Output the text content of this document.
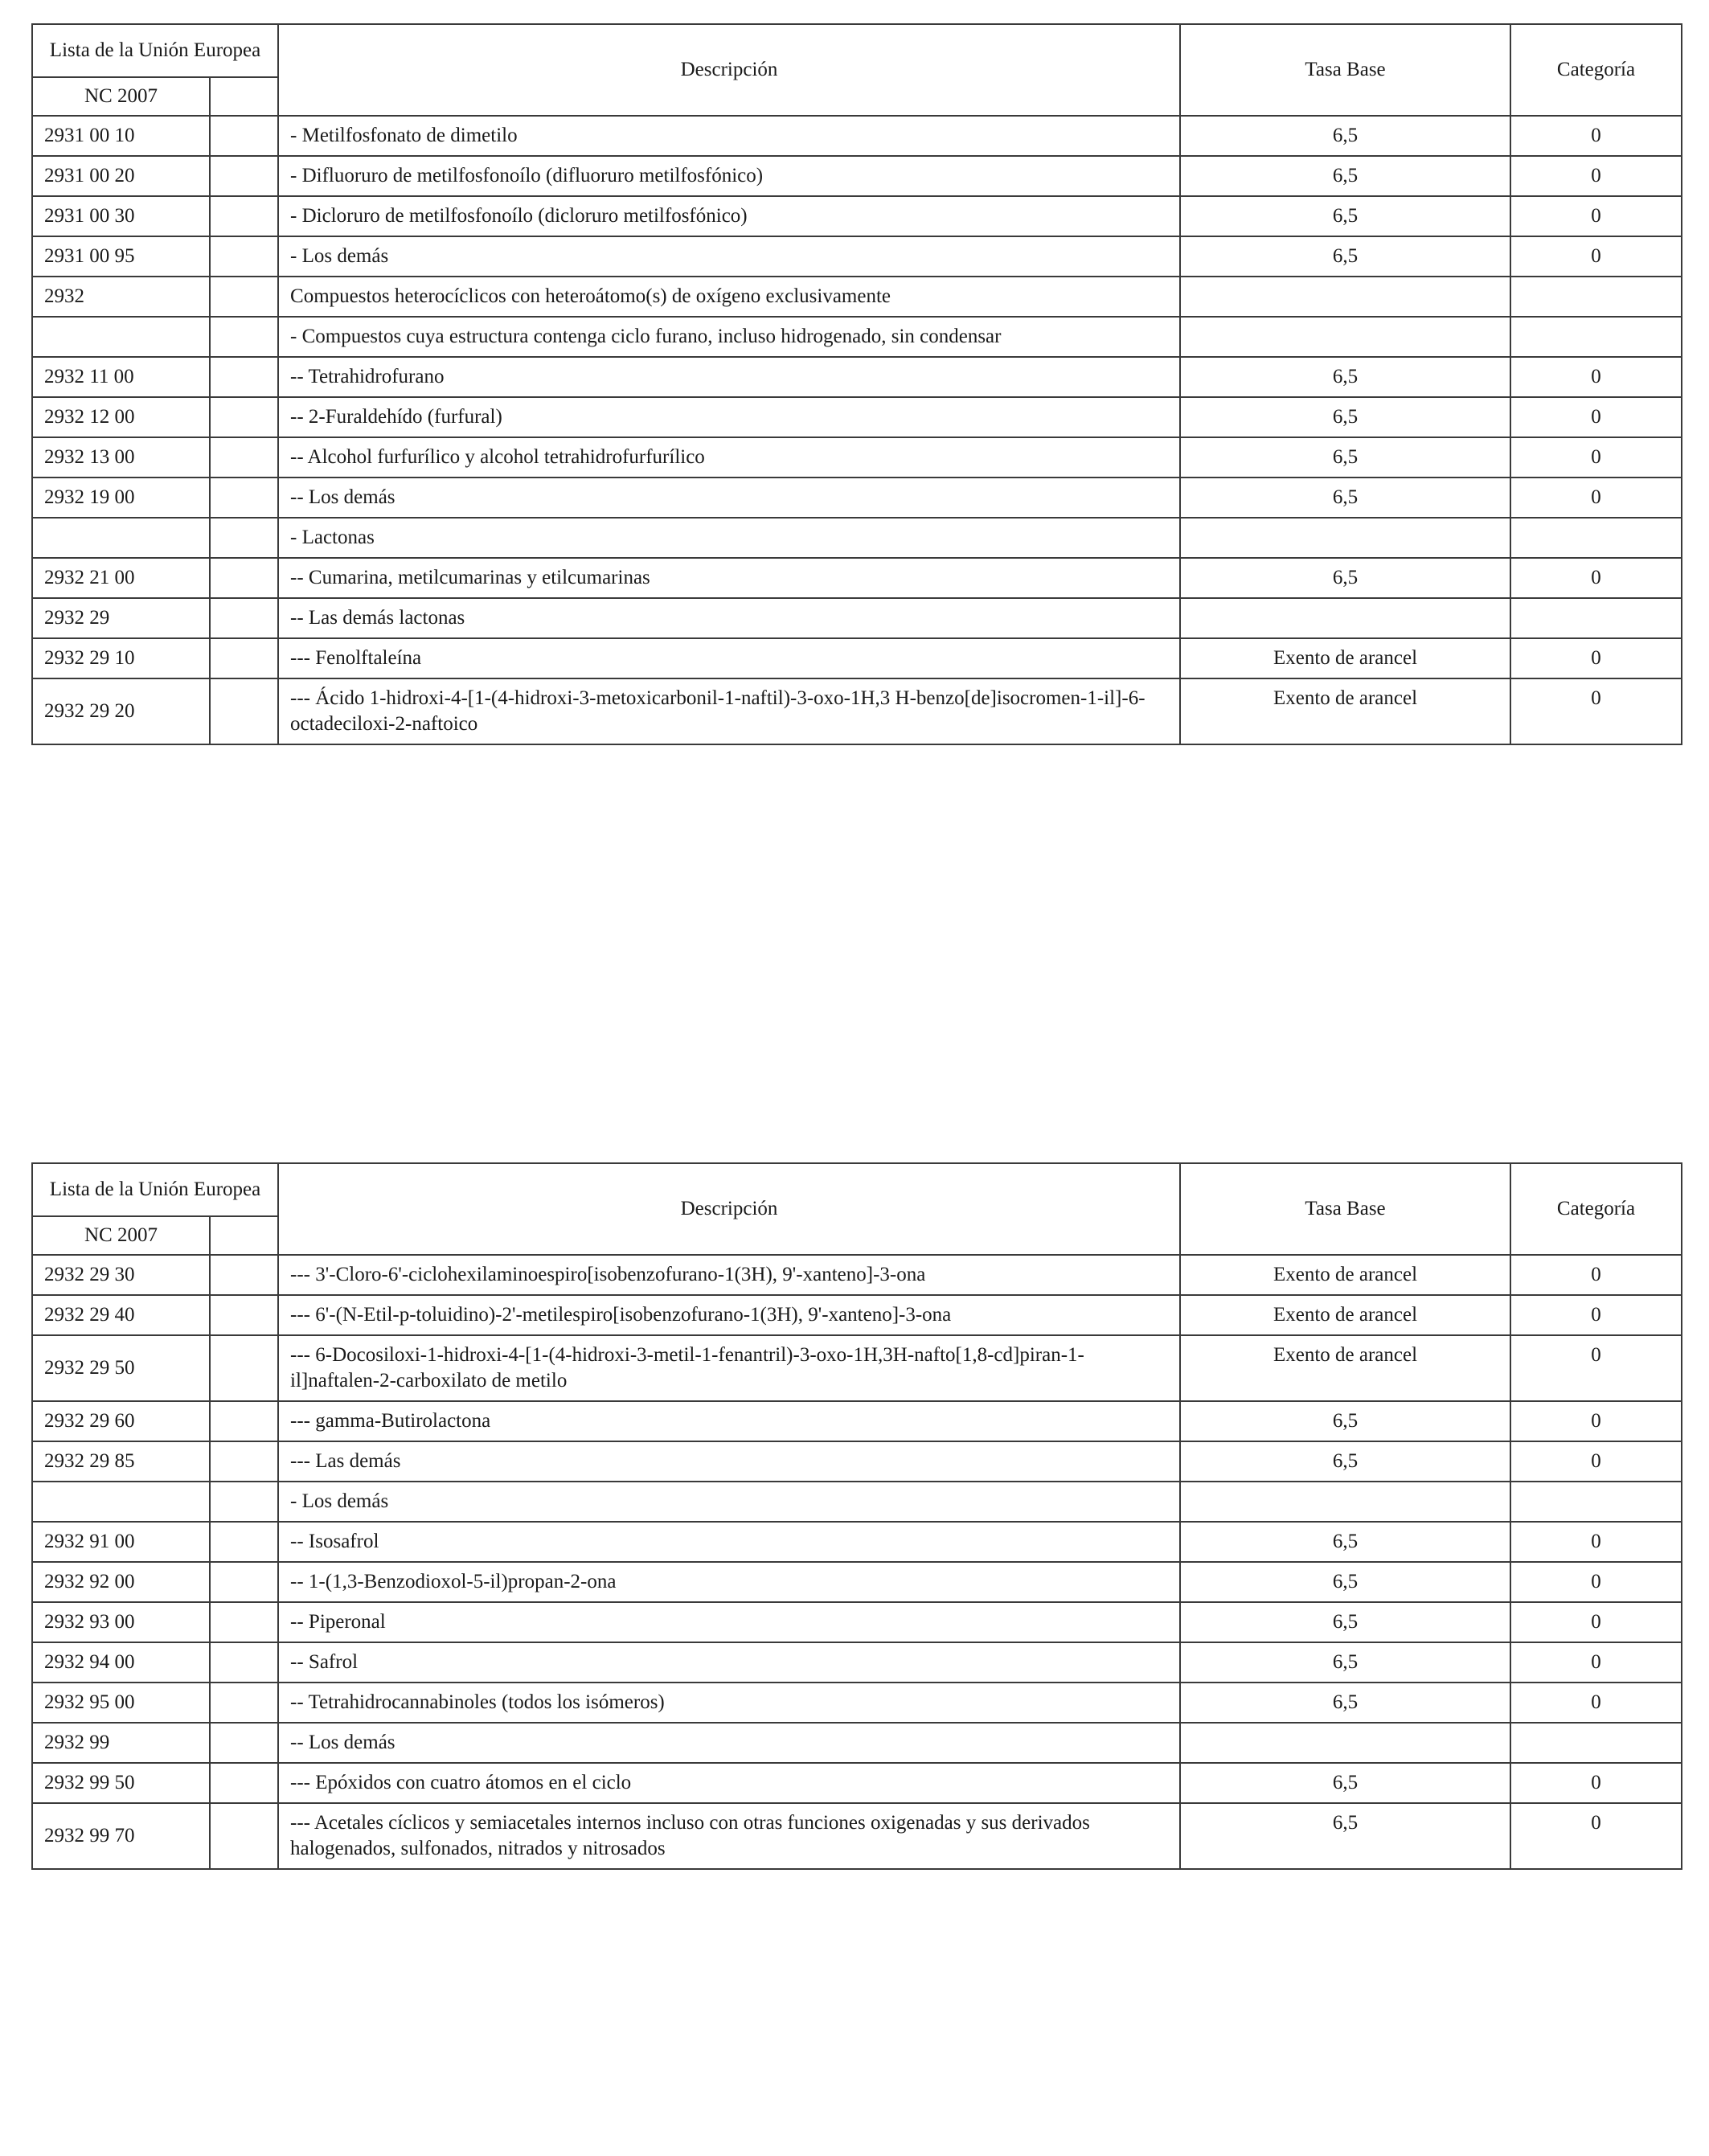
Lista de la Unión Europea		Descripción	Tasa Base	Categoría
NC 2007				
2931 00 10		- Metilfosfonato de dimetilo	6,5	0
2931 00 20		- Difluoruro de metilfosfonoílo (difluoruro metilfosfónico)	6,5	0
2931 00 30		- Dicloruro de metilfosfonoílo (dicloruro metilfosfónico)	6,5	0
2931 00 95		- Los demás	6,5	0
2932		Compuestos heterocíclicos con heteroátomo(s) de oxígeno exclusivamente		
		- Compuestos cuya estructura contenga ciclo furano, incluso hidrogenado, sin condensar		
2932 11 00		-- Tetrahidrofurano	6,5	0
2932 12 00		-- 2-Furaldehído (furfural)	6,5	0
2932 13 00		-- Alcohol furfurílico y alcohol tetrahidrofurfurílico	6,5	0
2932 19 00		-- Los demás	6,5	0
		- Lactonas		
2932 21 00		-- Cumarina, metilcumarinas y etilcumarinas	6,5	0
2932 29		-- Las demás lactonas		
2932 29 10		--- Fenolftaleína	Exento de arancel	0
2932 29 20		--- Ácido 1-hidroxi-4-[1-(4-hidroxi-3-metoxicarbonil-1-naftil)-3-oxo-1H,3 H-benzo[de]isocromen-1-il]-6-octadeciloxi-2-naftoico	Exento de arancel	0
Lista de la Unión Europea		Descripción	Tasa Base	Categoría
NC 2007				
2932 29 30		--- 3'-Cloro-6'-ciclohexilaminoespiro[isobenzofurano-1(3H), 9'-xanteno]-3-ona	Exento de arancel	0
2932 29 40		--- 6'-(N-Etil-p-toluidino)-2'-metilespiro[isobenzofurano-1(3H), 9'-xanteno]-3-ona	Exento de arancel	0
2932 29 50		--- 6-Docosiloxi-1-hidroxi-4-[1-(4-hidroxi-3-metil-1-fenantril)-3-oxo-1H,3H-nafto[1,8-cd]piran-1-il]naftalen-2-carboxilato de metilo	Exento de arancel	0
2932 29 60		--- gamma-Butirolactona	6,5	0
2932 29 85		--- Las demás	6,5	0
		- Los demás		
2932 91 00		-- Isosafrol	6,5	0
2932 92 00		-- 1-(1,3-Benzodioxol-5-il)propan-2-ona	6,5	0
2932 93 00		-- Piperonal	6,5	0
2932 94 00		-- Safrol	6,5	0
2932 95 00		-- Tetrahidrocannabinoles (todos los isómeros)	6,5	0
2932 99		-- Los demás		
2932 99 50		--- Epóxidos con cuatro átomos en el ciclo	6,5	0
2932 99 70		--- Acetales cíclicos y semiacetales internos incluso con otras funciones oxigenadas y sus derivados halogenados, sulfonados, nitrados y nitrosados	6,5	0
